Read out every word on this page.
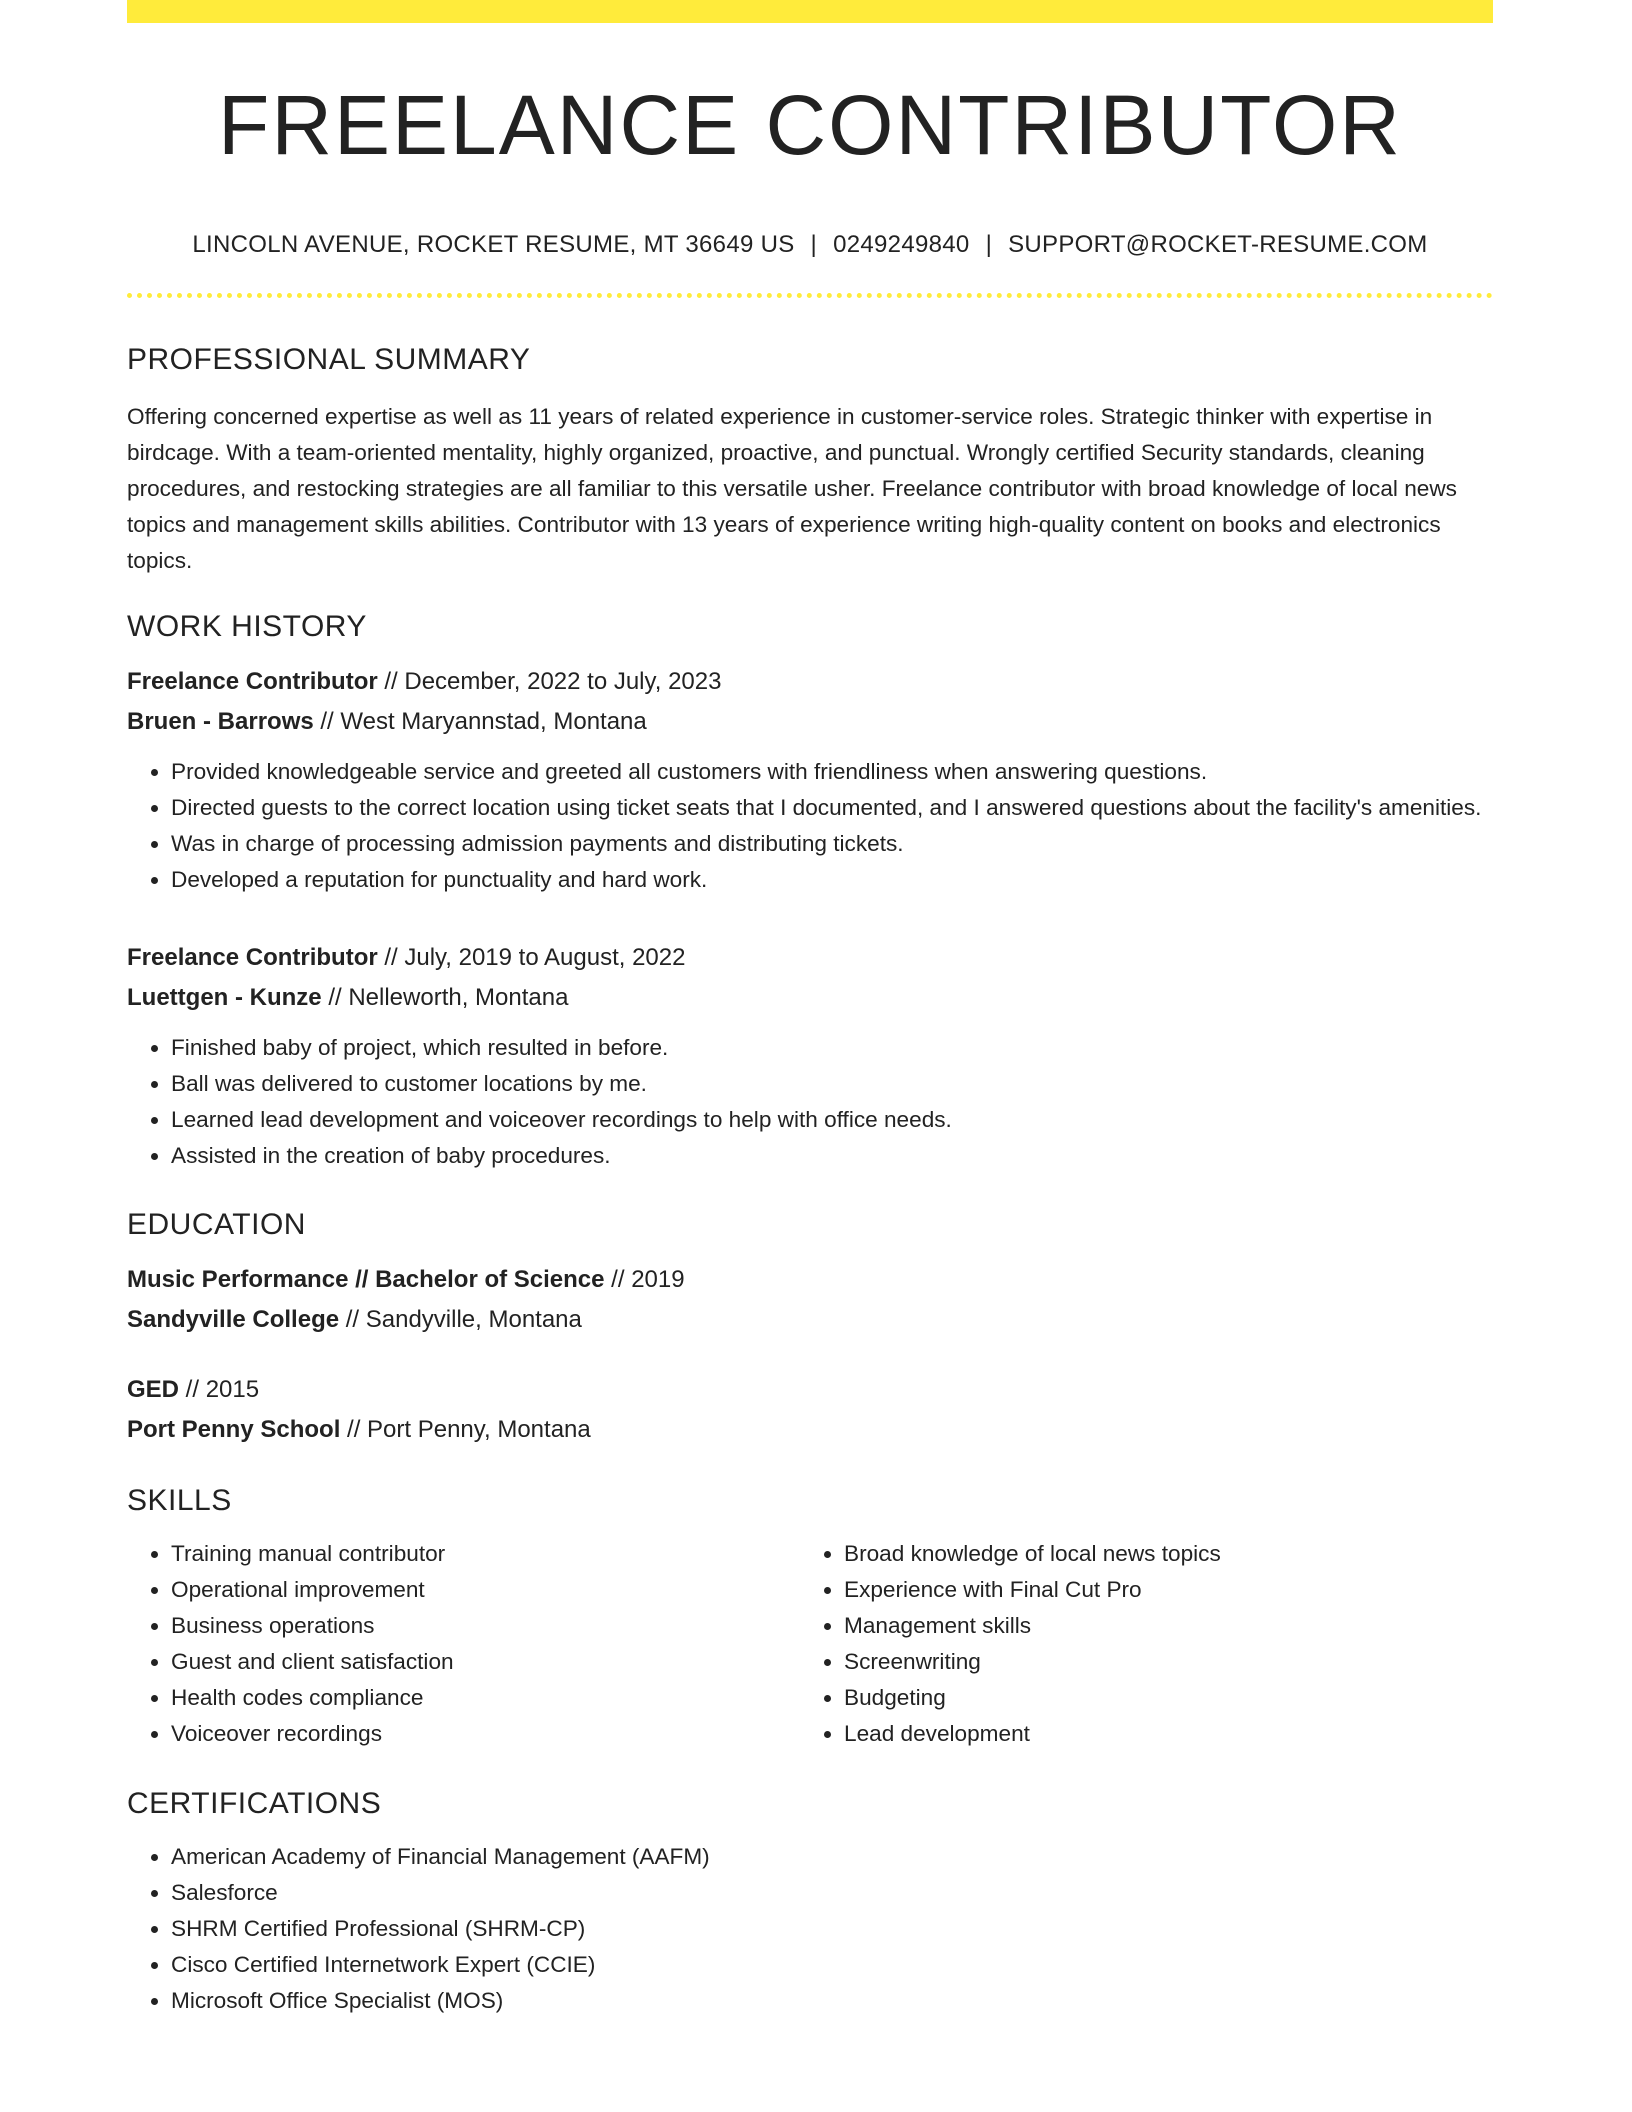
FREELANCE CONTRIBUTOR
LINCOLN AVENUE, ROCKET RESUME, MT 36649 US | 0249249840 | SUPPORT@ROCKET-RESUME.COM
PROFESSIONAL SUMMARY

Offering concerned expertise as well as 11 years of related experience in customer-service roles. Strategic thinker with expertise in birdcage. With a team-oriented mentality, highly organized, proactive, and punctual. Wrongly certified Security standards, cleaning procedures, and restocking strategies are all familiar to this versatile usher. Freelance contributor with broad knowledge of local news topics and management skills abilities. Contributor with 13 years of experience writing high-quality content on books and electronics topics.

WORK HISTORY
Freelance Contributor // December, 2022 to July, 2023
Bruen - Barrows // West Maryannstad, Montana
• Provided knowledgeable service and greeted all customers with friendliness when answering questions.
• Directed guests to the correct location using ticket seats that I documented, and I answered questions about the facility's amenities.
• Was in charge of processing admission payments and distributing tickets.
• Developed a reputation for punctuality and hard work.
Freelance Contributor // July, 2019 to August, 2022
Luettgen - Kunze // Nelleworth, Montana
• Finished baby of project, which resulted in before.
• Ball was delivered to customer locations by me.
• Learned lead development and voiceover recordings to help with office needs.
• Assisted in the creation of baby procedures.
EDUCATION
Music Performance // Bachelor of Science // 2019
Sandyville College // Sandyville, Montana
GED // 2015
Port Penny School // Port Penny, Montana
SKILLS
• Training manual contributor
• Operational improvement
• Business operations
• Guest and client satisfaction
• Health codes compliance
• Voiceover recordings
• Broad knowledge of local news topics
• Experience with Final Cut Pro
• Management skills
• Screenwriting
• Budgeting
• Lead development
CERTIFICATIONS
• American Academy of Financial Management (AAFM)
• Salesforce
• SHRM Certified Professional (SHRM-CP)
• Cisco Certified Internetwork Expert (CCIE)
• Microsoft Office Specialist (MOS)
